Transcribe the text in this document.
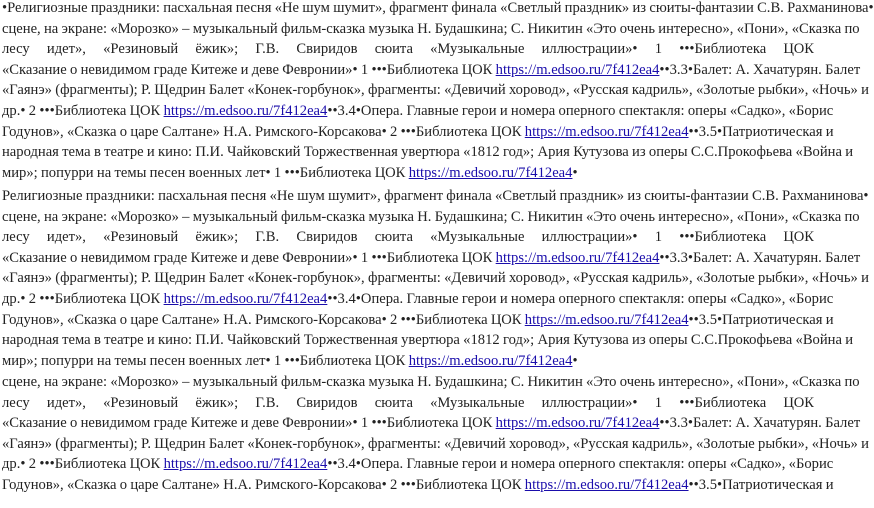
•Религиозные праздники: пасхальная песня «Не шум шумит», фрагмент финала «Светлый праздник» из сюиты-фантазии С.В. Рахманинова•
сцене, на экране: «Морозко» – музыкальный фильм-сказка музыка Н. Будашкина; С. Никитин «Это очень интересно», «Пони», «Сказка по
лесу идет», «Резиновый ёжик»; Г.В. Свиридов сюита «Музыкальные иллюстрации»• 1 •••Библиотека ЦОК
«Сказание о невидимом граде Китеже и деве Февронии»• 1 •••Библиотека ЦОК https://m.edsoo.ru/7f412ea4••3.3•Балет: А. Хачатурян. Балет
«Гаянэ» (фрагменты); Р. Щедрин Балет «Конек-горбунок», фрагменты: «Девичий хоровод», «Русская кадриль», «Золотые рыбки», «Ночь» и
др.• 2 •••Библиотека ЦОК https://m.edsoo.ru/7f412ea4••3.4•Опера. Главные герои и номера оперного спектакля: оперы «Садко», «Борис
Годунов», «Сказка о царе Салтане» Н.А. Римского-Корсакова• 2 •••Библиотека ЦОК https://m.edsoo.ru/7f412ea4••3.5•Патриотическая и
народная тема в театре и кино: П.И. Чайковский Торжественная увертюра «1812 год»; Ария Кутузова из оперы С.С.Прокофьева «Война и
мир»; попурри на темы песен военных лет• 1 •••Библиотека ЦОК https://m.edsoo.ru/7f412ea4•
Религиозные праздники: пасхальная песня «Не шум шумит», фрагмент финала «Светлый праздник» из сюиты-фантазии С.В. Рахманинова•
сцене, на экране: «Морозко» – музыкальный фильм-сказка музыка Н. Будашкина; С. Никитин «Это очень интересно», «Пони», «Сказка по
лесу идет», «Резиновый ёжик»; Г.В. Свиридов сюита «Музыкальные иллюстрации»• 1 •••Библиотека ЦОК
«Сказание о невидимом граде Китеже и деве Февронии»• 1 •••Библиотека ЦОК https://m.edsoo.ru/7f412ea4••3.3•Балет: А. Хачатурян. Балет
«Гаянэ» (фрагменты); Р. Щедрин Балет «Конек-горбунок», фрагменты: «Девичий хоровод», «Русская кадриль», «Золотые рыбки», «Ночь» и
др.• 2 •••Библиотека ЦОК https://m.edsoo.ru/7f412ea4••3.4•Опера. Главные герои и номера оперного спектакля: оперы «Садко», «Борис
Годунов», «Сказка о царе Салтане» Н.А. Римского-Корсакова• 2 •••Библиотека ЦОК https://m.edsoo.ru/7f412ea4••3.5•Патриотическая и
народная тема в театре и кино: П.И. Чайковский Торжественная увертюра «1812 год»; Ария Кутузова из оперы С.С.Прокофьева «Война и
мир»; попурри на темы песен военных лет• 1 •••Библиотека ЦОК https://m.edsoo.ru/7f412ea4•
сцене, на экране: «Морозко» – музыкальный фильм-сказка музыка Н. Будашкина; С. Никитин «Это очень интересно», «Пони», «Сказка по
лесу идет», «Резиновый ёжик»; Г.В. Свиридов сюита «Музыкальные иллюстрации»• 1 •••Библиотека ЦОК
«Сказание о невидимом граде Китеже и деве Февронии»• 1 •••Библиотека ЦОК https://m.edsoo.ru/7f412ea4••3.3•Балет: А. Хачатурян. Балет
«Гаянэ» (фрагменты); Р. Щедрин Балет «Конек-горбунок», фрагменты: «Девичий хоровод», «Русская кадриль», «Золотые рыбки», «Ночь» и
др.• 2 •••Библиотека ЦОК https://m.edsoo.ru/7f412ea4••3.4•Опера. Главные герои и номера оперного спектакля: оперы «Садко», «Борис
Годунов», «Сказка о царе Салтане» Н.А. Римского-Корсакова• 2 •••Библиотека ЦОК https://m.edsoo.ru/7f412ea4••3.5•Патриотическая и
